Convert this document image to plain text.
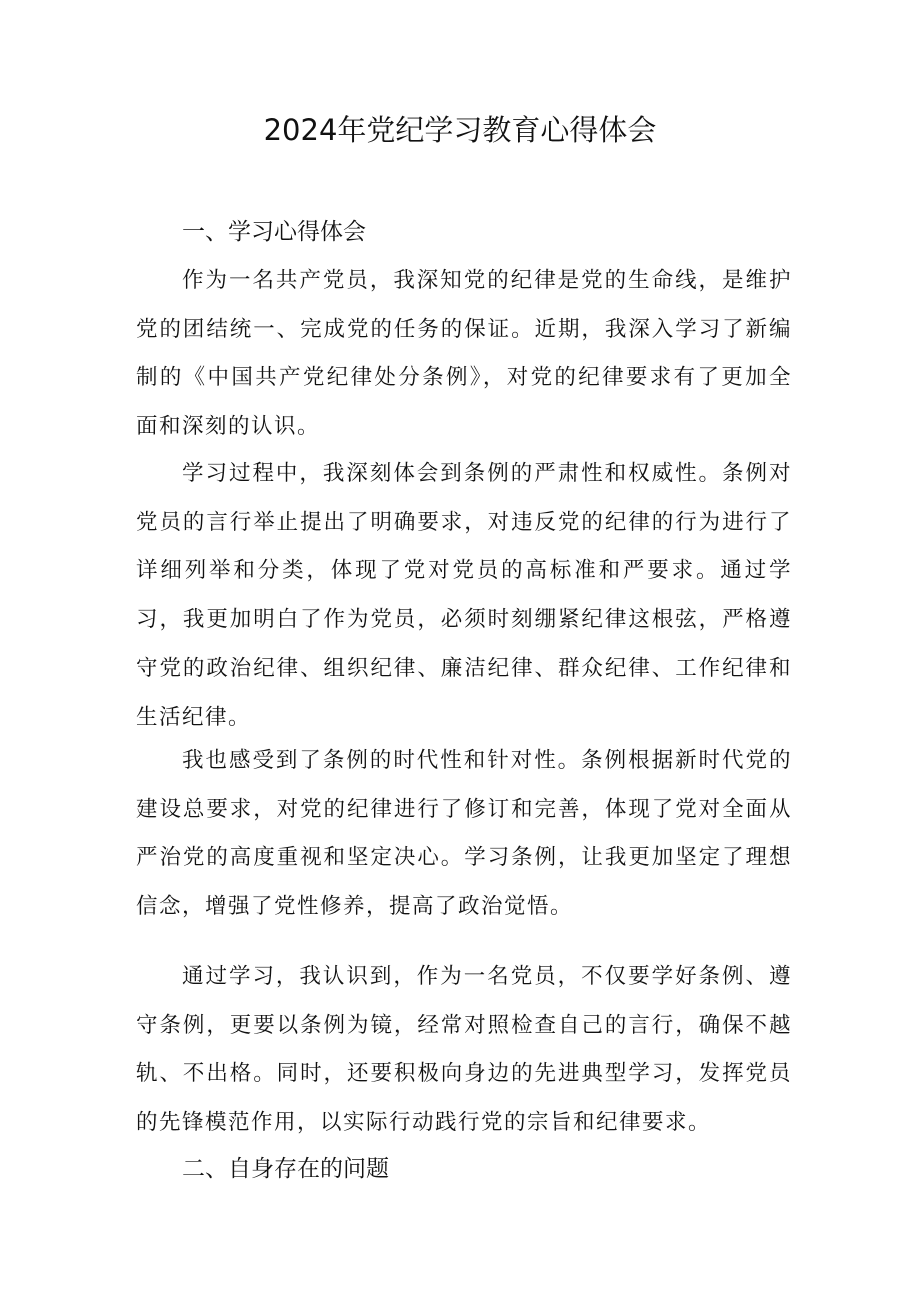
2024年党纪学习教育心得体会
一、学习心得体会

作为一名共产党员，我深知党的纪律是党的生命线，是维护党的团结统一、完成党的任务的保证。近期，我深入学习了新编制的《中国共产党纪律处分条例》，对党的纪律要求有了更加全面和深刻的认识。

学习过程中，我深刻体会到条例的严肃性和权威性。条例对党员的言行举止提出了明确要求，对违反党的纪律的行为进行了详细列举和分类，体现了党对党员的高标准和严要求。通过学习，我更加明白了作为党员，必须时刻绷紧纪律这根弦，严格遵守党的政治纪律、组织纪律、廉洁纪律、群众纪律、工作纪律和生活纪律。

我也感受到了条例的时代性和针对性。条例根据新时代党的建设总要求，对党的纪律进行了修订和完善，体现了党对全面从严治党的高度重视和坚定决心。学习条例，让我更加坚定了理想信念，增强了党性修养，提高了政治觉悟。

通过学习，我认识到，作为一名党员，不仅要学好条例、遵守条例，更要以条例为镜，经常对照检查自己的言行，确保不越轨、不出格。同时，还要积极向身边的先进典型学习，发挥党员的先锋模范作用，以实际行动践行党的宗旨和纪律要求。

二、自身存在的问题
